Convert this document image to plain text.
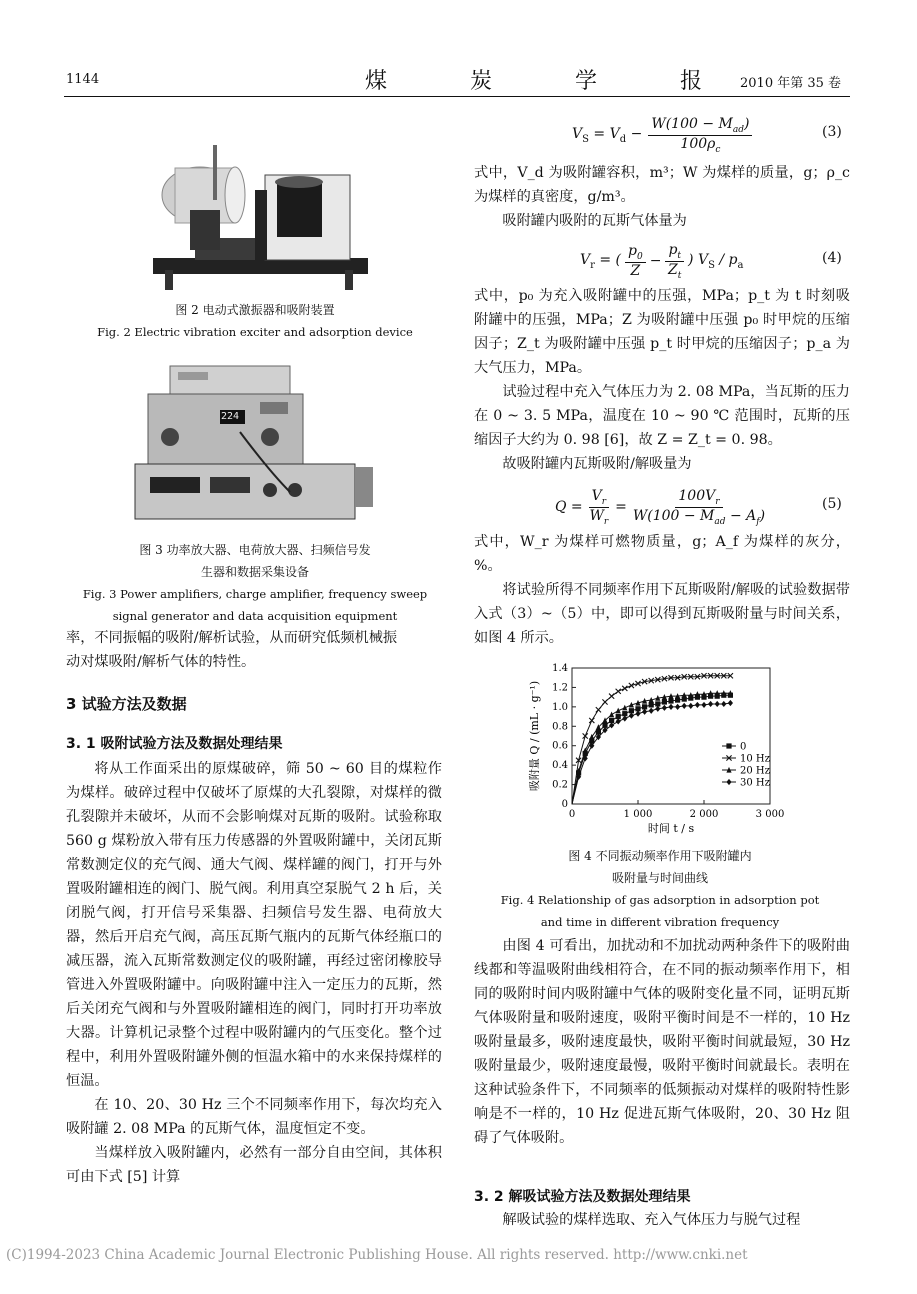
1144	煤 炭 学 报 2010 年第 35 卷
图 2 电动式激振器和吸附装置
Fig. 2 Electric vibration exciter and adsorption device
224
图 3 功率放大器、电荷放大器、扫频信号发
生器和数据采集设备
Fig. 3 Power amplifiers, charge amplifier, frequency sweep
signal generator and data acquisition equipment

率，不同振幅的吸附/解析试验，从而研究低频机械振

动对煤吸附/解析气体的特性。

3 试验方法及数据
3. 1 吸附试验方法及数据处理结果

将从工作面采出的原煤破碎，筛 50 ~ 60 目的煤粒作为煤样。破碎过程中仅破坏了原煤的大孔裂隙，对煤样的微孔裂隙并未破坏，从而不会影响煤对瓦斯的吸附。试验称取 560 g 煤粉放入带有压力传感器的外置吸附罐中，关闭瓦斯常数测定仪的充气阀、通大气阀、煤样罐的阀门，打开与外置吸附罐相连的阀门、脱气阀。利用真空泵脱气 2 h 后，关闭脱气阀，打开信号采集器、扫频信号发生器、电荷放大器，然后开启充气阀，高压瓦斯气瓶内的瓦斯气体经瓶口的减压器，流入瓦斯常数测定仪的吸附罐，再经过密闭橡胶导管进入外置吸附罐中。向吸附罐中注入一定压力的瓦斯，然后关闭充气阀和与外置吸附罐相连的阀门，同时打开功率放大器。计算机记录整个过程中吸附罐内的气压变化。整个过程中，利用外置吸附罐外侧的恒温水箱中的水来保持煤样的恒温。

在 10、20、30 Hz 三个不同频率作用下，每次均充入吸附罐 2. 08 MPa 的瓦斯气体，温度恒定不变。

当煤样放入吸附罐内，必然有一部分自由空间，其体积可由下式 [5] 计算

$V_S = V_d - \frac{W(100 - M_{ad})}{100\rho_c}$	(3)

式中，V_d 为吸附罐容积，m³；W 为煤样的质量，g；ρ_c 为煤样的真密度，g/m³。

吸附罐内吸附的瓦斯气体量为

$V_r$ = ( $\frac{p_0}{Z} - \frac{p_t}{Z_t}$ ) $V_S / p_a$	(4)

式中，p₀ 为充入吸附罐中的压强，MPa；p_t 为 t 时刻吸附罐中的压强，MPa；Z 为吸附罐中压强 p₀ 时甲烷的压缩因子；Z_t 为吸附罐中压强 p_t 时甲烷的压缩因子；p_a 为大气压力，MPa。

试验过程中充入气体压力为 2. 08 MPa，当瓦斯的压力在 0 ~ 3. 5 MPa，温度在 10 ~ 90 ℃ 范围时，瓦斯的压缩因子大约为 0. 98 [6]，故 Z = Z_t = 0. 98。

故吸附罐内瓦斯吸附/解吸量为

$Q = \frac{V_r}{W_r} = \frac{100V_r}{W(100 - M_{ad} - A_f)}$	(5)

式中，W_r 为煤样可燃物质量，g；A_f 为煤样的灰分，%。

将试验所得不同频率作用下瓦斯吸附/解吸的试验数据带入式（3）~（5）中，即可以得到瓦斯吸附量与时间关系，如图 4 所示。

0
0.2
0.4
0.6
0.8
1.0
1.2
1.4
0	1 000	2 000	3 000
时间 t / s
吸附量 Q / (mL · g⁻¹)	0
10 Hz
20 Hz
30 Hz
图 4 不同振动频率作用下吸附罐内
吸附量与时间曲线
Fig. 4 Relationship of gas adsorption in adsorption pot
and time in different vibration frequency

由图 4 可看出，加扰动和不加扰动两种条件下的吸附曲线都和等温吸附曲线相符合，在不同的振动频率作用下，相同的吸附时间内吸附罐中气体的吸附变化量不同，证明瓦斯气体吸附量和吸附速度，吸附平衡时间是不一样的，10 Hz 吸附量最多，吸附速度最快，吸附平衡时间就最短，30 Hz 吸附量最少，吸附速度最慢，吸附平衡时间就最长。表明在这种试验条件下，不同频率的低频振动对煤样的吸附特性影响是不一样的，10 Hz 促进瓦斯气体吸附，20、30 Hz 阻碍了气体吸附。

3. 2 解吸试验方法及数据处理结果

解吸试验的煤样选取、充入气体压力与脱气过程

(C)1994-2023 China Academic Journal Electronic Publishing House. All rights reserved. http://www.cnki.net
